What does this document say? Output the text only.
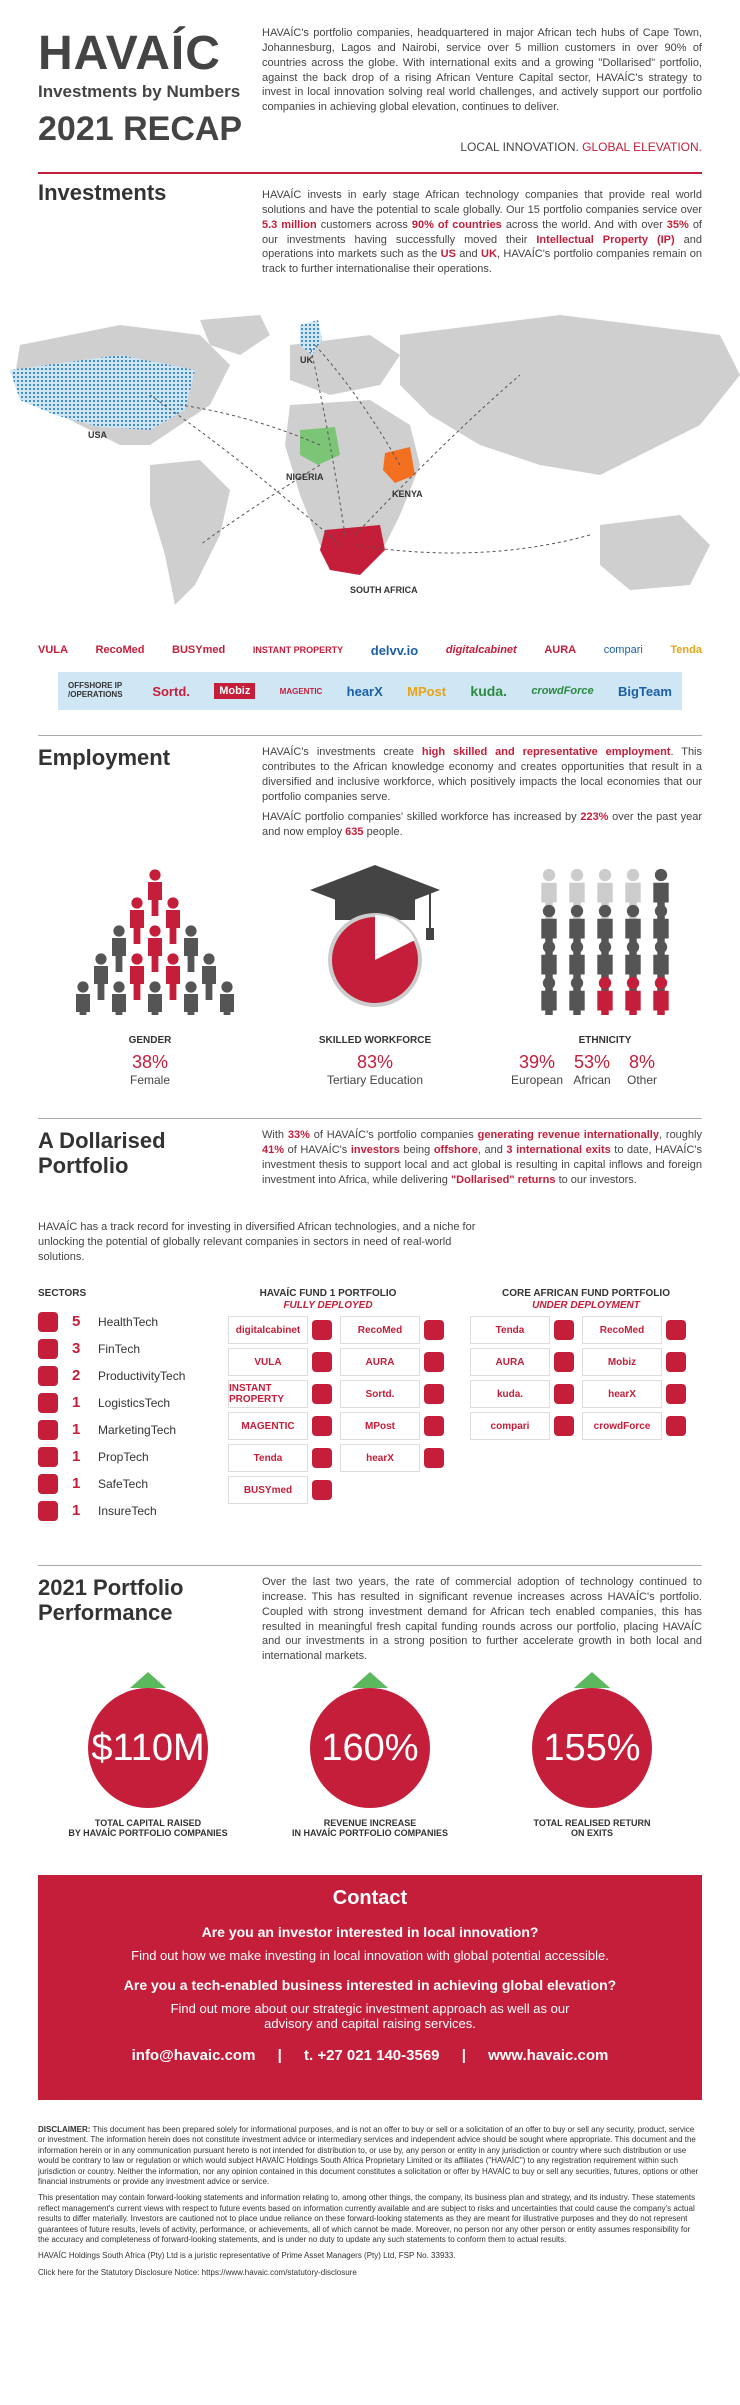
HAVAÍC
Investments by Numbers
2021 RECAP
HAVAÍC's portfolio companies, headquartered in major African tech hubs of Cape Town, Johannesburg, Lagos and Nairobi, service over 5 million customers in over 90% of countries across the globe. With international exits and a growing "Dollarised" portfolio, against the back drop of a rising African Venture Capital sector, HAVAÍC's strategy to invest in local innovation solving real world challenges, and actively support our portfolio companies in achieving global elevation, continues to deliver.
LOCAL INNOVATION. GLOBAL ELEVATION.
Investments	HAVAÍC invests in early stage African technology companies that provide real world solutions and have the potential to scale globally. Our 15 portfolio companies service over 5.3 million customers across 90% of countries across the world. And with over 35% of our investments having successfully moved their Intellectual Property (IP) and operations into markets such as the US and UK, HAVAÍC's portfolio companies remain on track to further internationalise their operations.
UK
USA
NIGERIA
KENYA
SOUTH AFRICA
VULA	RecoMed	BUSYmed	INSTANT PROPERTY delvv.io	digitalcabinet	AURA	compari	Tenda
OFFSHORE IP /OPERATIONS	Sortd.	Mobiz	MAGENTIC hearX MPost kuda. crowdForce BigTeam
Employment	HAVAÍC's investments create high skilled and representative employment. This contributes to the African knowledge economy and creates opportunities that result in a diversified and inclusive workforce, which positively impacts the local economies that our portfolio companies serve.
HAVAÍC portfolio companies' skilled workforce has increased by 223% over the past year and now employ 635 people.
GENDER
38%
Female
SKILLED WORKFORCE
83%
Tertiary Education
ETHNICITY
39%
European
53%
African
8%
Other
A Dollarised
Portfolio
With 33% of HAVAÍC's portfolio companies generating revenue internationally, roughly 41% of HAVAÍC's investors being offshore, and 3 international exits to date, HAVAÍC's investment thesis to support local and act global is resulting in capital inflows and foreign investment into Africa, while delivering "Dollarised" returns to our investors.
HAVAÍC has a track record for investing in diversified African technologies, and a niche for unlocking the potential of globally relevant companies in sectors in need of real-world solutions.
SECTORS
5	HealthTech
3	FinTech
2	ProductivityTech
1	LogisticsTech
1	MarketingTech
1	PropTech
1	SafeTech
1	InsureTech
HAVAÍC FUND 1 PORTFOLIO
FULLY DEPLOYED
digitalcabinet	RecoMed
VULA	AURA
INSTANT PROPERTY	Sortd.
MAGENTIC	MPost
Tenda	hearX
BUSYmed
CORE AFRICAN FUND PORTFOLIO
UNDER DEPLOYMENT
Tenda	RecoMed
AURA	Mobiz
kuda.	hearX
compari	crowdForce
2021 Portfolio
Performance
Over the last two years, the rate of commercial adoption of technology continued to increase. This has resulted in significant revenue increases across HAVAÍC's portfolio. Coupled with strong investment demand for African tech enabled companies, this has resulted in meaningful fresh capital funding rounds across our portfolio, placing HAVAÍC and our investments in a strong position to further accelerate growth in both local and international markets.
$110M
TOTAL CAPITAL RAISED
BY HAVAÍC PORTFOLIO COMPANIES
160%
REVENUE INCREASE
IN HAVAÍC PORTFOLIO COMPANIES
155%
TOTAL REALISED RETURN
ON EXITS
Contact
Are you an investor interested in local innovation?
Find out how we make investing in local innovation with global potential accessible.
Are you a tech-enabled business interested in achieving global elevation?
Find out more about our strategic investment approach as well as our advisory and capital raising services.
info@havaic.com | t. +27 021 140-3569 | www.havaic.com

DISCLAIMER: This document has been prepared solely for informational purposes, and is not an offer to buy or sell or a solicitation of an offer to buy or sell any security, product, service or investment. The information herein does not constitute investment advice or intermediary services and independent advice should be sought where appropriate. This document and the information herein or in any communication pursuant hereto is not intended for distribution to, or use by, any person or entity in any jurisdiction or country where such distribution or use would be contrary to law or regulation or which would subject HAVAÍC Holdings South Africa Proprietary Limited or its affiliates ("HAVAÍC") to any registration requirement within such jurisdiction or country. Neither the information, nor any opinion contained in this document constitutes a solicitation or offer by HAVAÍC to buy or sell any securities, futures, options or other financial instruments or provide any investment advice or service.

This presentation may contain forward-looking statements and information relating to, among other things, the company, its business plan and strategy, and its industry. These statements reflect management's current views with respect to future events based on information currently available and are subject to risks and uncertainties that could cause the company's actual results to differ materially. Investors are cautioned not to place undue reliance on these forward-looking statements as they are meant for illustrative purposes and they do not represent guarantees of future results, levels of activity, performance, or achievements, all of which cannot be made. Moreover, no person nor any other person or entity assumes responsibility for the accuracy and completeness of forward-looking statements, and is under no duty to update any such statements to conform them to actual results.

HAVAÍC Holdings South Africa (Pty) Ltd is a juristic representative of Prime Asset Managers (Pty) Ltd, FSP No. 33933.

Click here for the Statutory Disclosure Notice: https://www.havaic.com/statutory-disclosure
